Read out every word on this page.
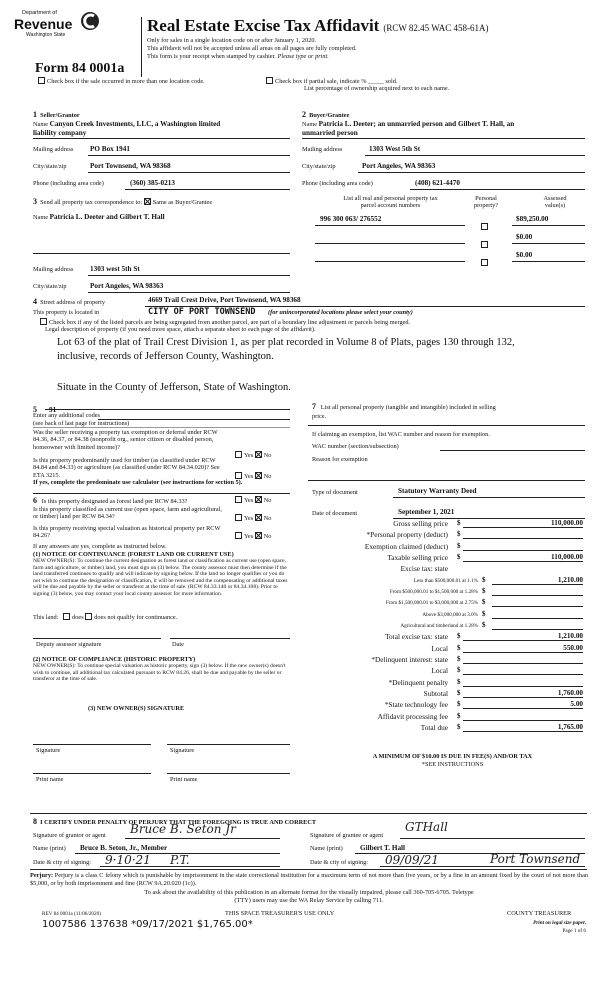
Department of
Revenue
Washington State	Real Estate Excise Tax Affidavit (RCW 82.45 WAC 458-61A)
Only for sales in a single location code on or after January 1, 2020.
This affidavit will not be accepted unless all areas on all pages are fully completed.
This form is your receipt when stamped by cashier. Please type or print.
Form 84 0001a
Check box if the sale occurred in more than one location code.	Check box if partial sale, indicate % _____ sold.
List percentage of ownership acquired next to each name.
1 Seller/Grantor
Name Canyon Creek Investments, LLC, a Washington limited
liability company
Mailing address PO Box 1941
City/state/zip	Port Townsend, WA 98368
Phone (including area code)	(360) 385-0213
3 Send all property tax correspondence to: Same as Buyer/Grantee
Name Patricia L. Deeter and Gilbert T. Hall
Mailing address 1303 west 5th St
City/state/zip	Port Angeles, WA 98363
2 Buyer/Grantee
Name Patricia L. Deeter; an unmarried person and Gilbert T. Hall, an
unmarried person
Mailing address	1303 West 5th St
City/state/zip	Port Angeles, WA 98363
Phone (including area code)	(408) 621-4470
List all real and personal property tax
parcel account numbers
Personal
property?
Assessed
value(s)
996 300 063/ 276552	$89,250.00
$0.00
$0.00
4 Street address of property	4669 Trail Crest Drive, Port Townsend, WA 98368
This property is located in	CITY OF PORT TOWNSEND (for unincorporated locations please select your county)
Check box if any of the listed parcels are being segregated from another parcel, are part of a boundary line adjustment or parcels being merged.
Legal description of property (if you need more space, attach a separate sheet to each page of the affidavit).
Lot 63 of the plat of Trail Crest Division 1, as per plat recorded in Volume 8 of Plats, pages 130 through 132,
inclusive, records of Jefferson County, Washington.
Situate in the County of Jefferson, State of Washington.
5 91
Enter any additional codes
(see back of last page for instructions)
Was the seller receiving a property tax exemption or deferral under RCW 84.36, 84.37, or 84.38 (nonprofit org., senior citizen or disabled person, homeowner with limited income)?
Yes No
Is this property predominantly used for timber (as classified under RCW 84.84 and 84.33) or agriculture (as classified under RCW 84.34.020)? See ETA 3215.	Yes No
If yes, complete the predominate use calculator (see instructions for section 5).
6 Is this property designated as forest land per RCW 84.33?	Yes No
Is this property classified as current use (open space, farm and agricultural, or timber) land per RCW 84.34?	Yes No
Is this property receiving special valuation as historical property per RCW 84.26?	Yes No
If any answers are yes, complete as instructed below.
(1) NOTICE OF CONTINUANCE (FOREST LAND OR CURRENT USE)
NEW OWNER(S): To continue the current designation as forest land or classification as current use (open space, farm and agriculture, or timber) land, you must sign on (3) below. The county assessor must then determine if the land transferred continues to qualify and will indicate by signing below. If the land no longer qualifies or you do not wish to continue the designation or classification, it will be removed and the compensating or additional taxes will be due and payable by the seller or transferor at the time of sale. (RCW 84.33.140 or 84.34.108). Prior to signing (3) below, you may contact your local county assessor for more information.
This land: does does not qualify for continuance.
Deputy assessor signature	Date
(2) NOTICE OF COMPLIANCE (HISTORIC PROPERTY)
NEW OWNER(S): To continue special valuation as historic property, sign (3) below. If the new owner(s) doesn't wish to continue, all additional tax calculated pursuant to RCW 84.26, shall be due and payable by the seller or transferor at the time of sale.
(3) NEW OWNER(S) SIGNATURE
Signature	Signature
Print name	Print name
7 List all personal property (tangible and intangible) included in selling
price.
If claiming an exemption, list WAC number and reason for exemption.
WAC number (section/subsection)
Reason for exemption
Type of document	Statutory Warranty Deed
Date of document	September 1, 2021
Gross selling price $	110,000.00
*Personal property (deduct) $
Exemption claimed (deduct) $
Taxable selling price $	110,000.00
Excise tax: state
Less than $500,000.01 at 1.1% $	1,210.00
From $500,000.01 to $1,500,000 at 1.28% $
From $1,500,000.01 to $3,000,000 at 2.75% $
Above $3,000,000 at 3.0% $
Agricultural and timberland at 1.28% $
Total excise tax: state $	1,210.00
Local $	550.00
*Delinquent interest: state $
Local $
*Delinquent penalty $
Subtotal $	1,760.00
*State technology fee $	5.00
Affidavit processing fee $
Total due $	1,765.00
A MINIMUM OF $10.00 IS DUE IN FEE(S) AND/OR TAX
*SEE INSTRUCTIONS
8 I CERTIFY UNDER PENALTY OF PERJURY THAT THE FOREGOING IS TRUE AND CORRECT
Signature of grantor or agent Bruce B. Seton Jr
Name (print) Bruce B. Seton, Jr., Member
Date & city of signing: 9·10·21 P.T.
Signature of grantee or agent
GTHall
Name (print) Gilbert T. Hall
Date & city of signing: 09/09/21	Port Townsend
Perjury: Perjury is a class C felony which is punishable by imprisonment in the state correctional institution for a maximum term of not more than five years, or by a fine in an amount fixed by the court of not more than $5,000, or by both imprisonment and fine (RCW 9A.20.020 (1c)).
To ask about the availability of this publication in an alternate format for the visually impaired, please call 360-705-6705. Teletype
(TTY) users may use the WA Relay Service by calling 711.
REV 84 0001a (11/06/2020)	THIS SPACE TREASURER'S USE ONLY	COUNTY TREASURER
1007586 137638 *09/17/2021 $1,765.00*	Print on legal size paper.
Page 1 of 6
